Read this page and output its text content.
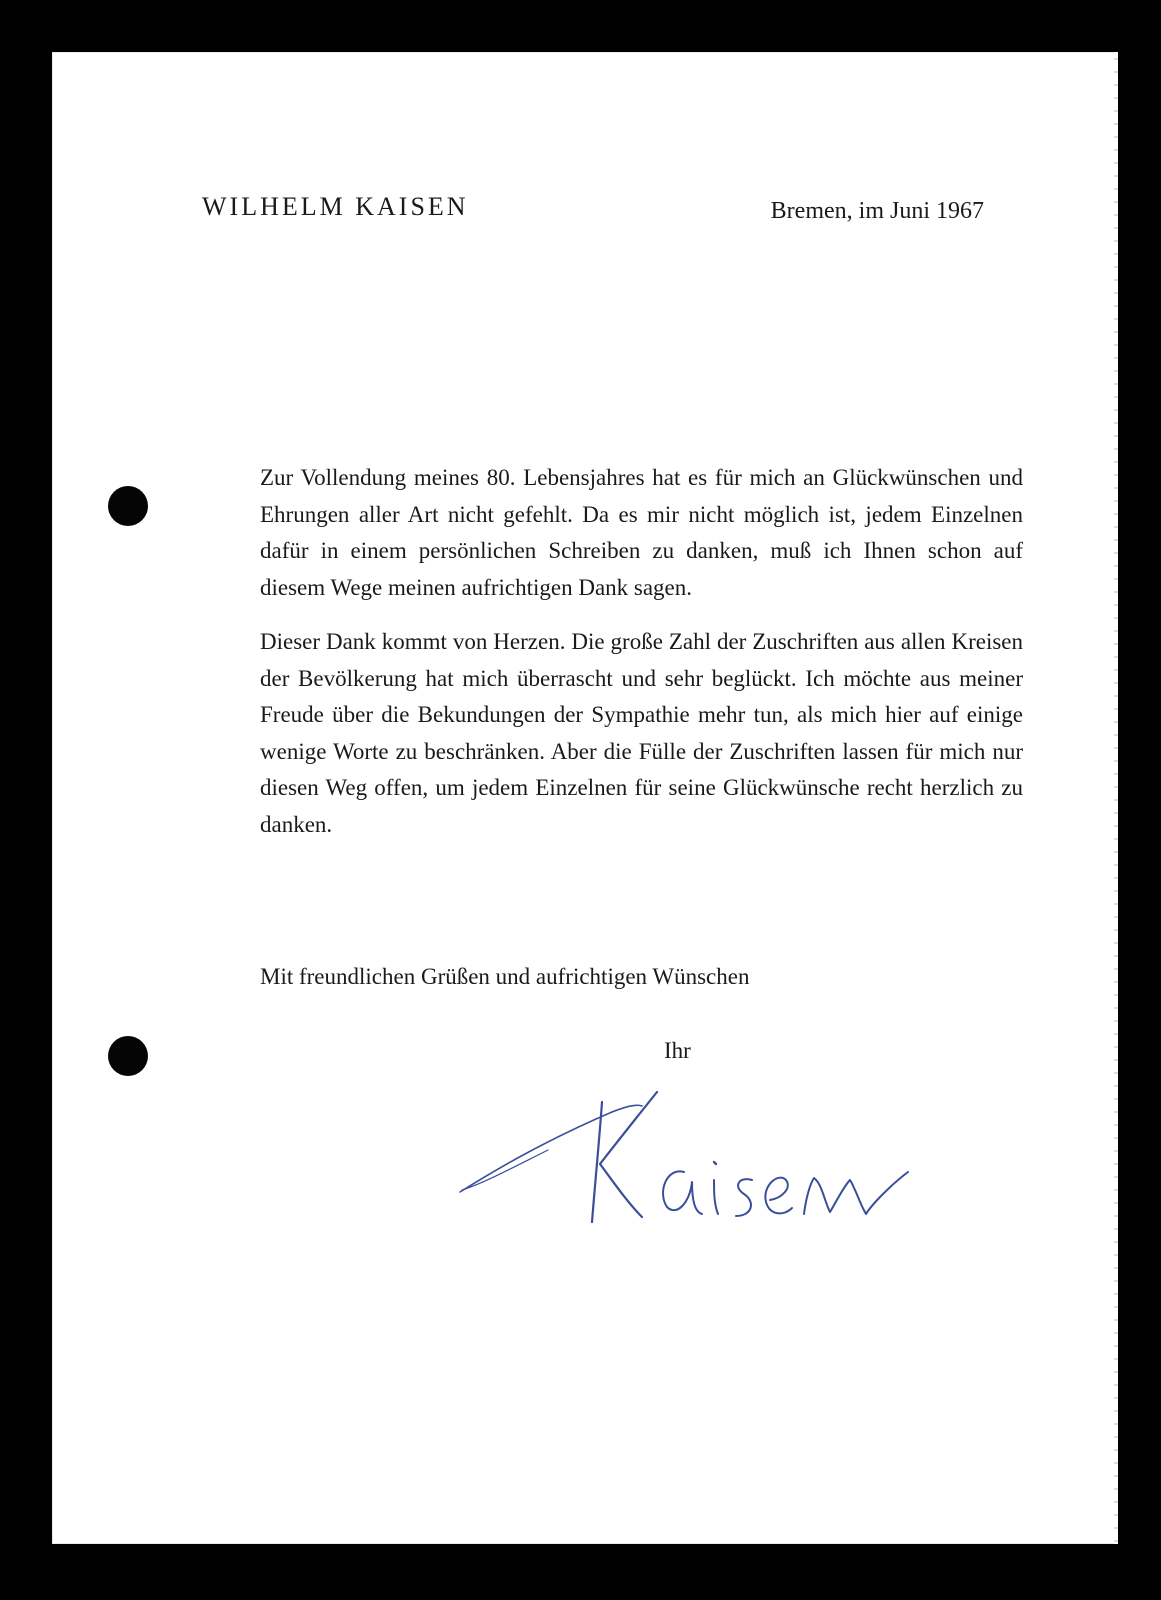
WILHELM KAISEN	Bremen, im Juni 1967

Zur Vollendung meines 80. Lebensjahres hat es für mich an Glückwünschen und Ehrungen aller Art nicht gefehlt. Da es mir nicht möglich ist, jedem Einzelnen dafür in einem persönlichen Schreiben zu danken, muß ich Ihnen schon auf diesem Wege meinen aufrichtigen Dank sagen.

Dieser Dank kommt von Herzen. Die große Zahl der Zuschriften aus allen Kreisen der Bevölkerung hat mich überrascht und sehr beglückt. Ich möchte aus meiner Freude über die Bekundungen der Sympathie mehr tun, als mich hier auf einige wenige Worte zu beschränken. Aber die Fülle der Zuschriften lassen für mich nur diesen Weg offen, um jedem Einzelnen für seine Glückwünsche recht herzlich zu danken.

Mit freundlichen Grüßen und aufrichtigen Wünschen
Ihr
